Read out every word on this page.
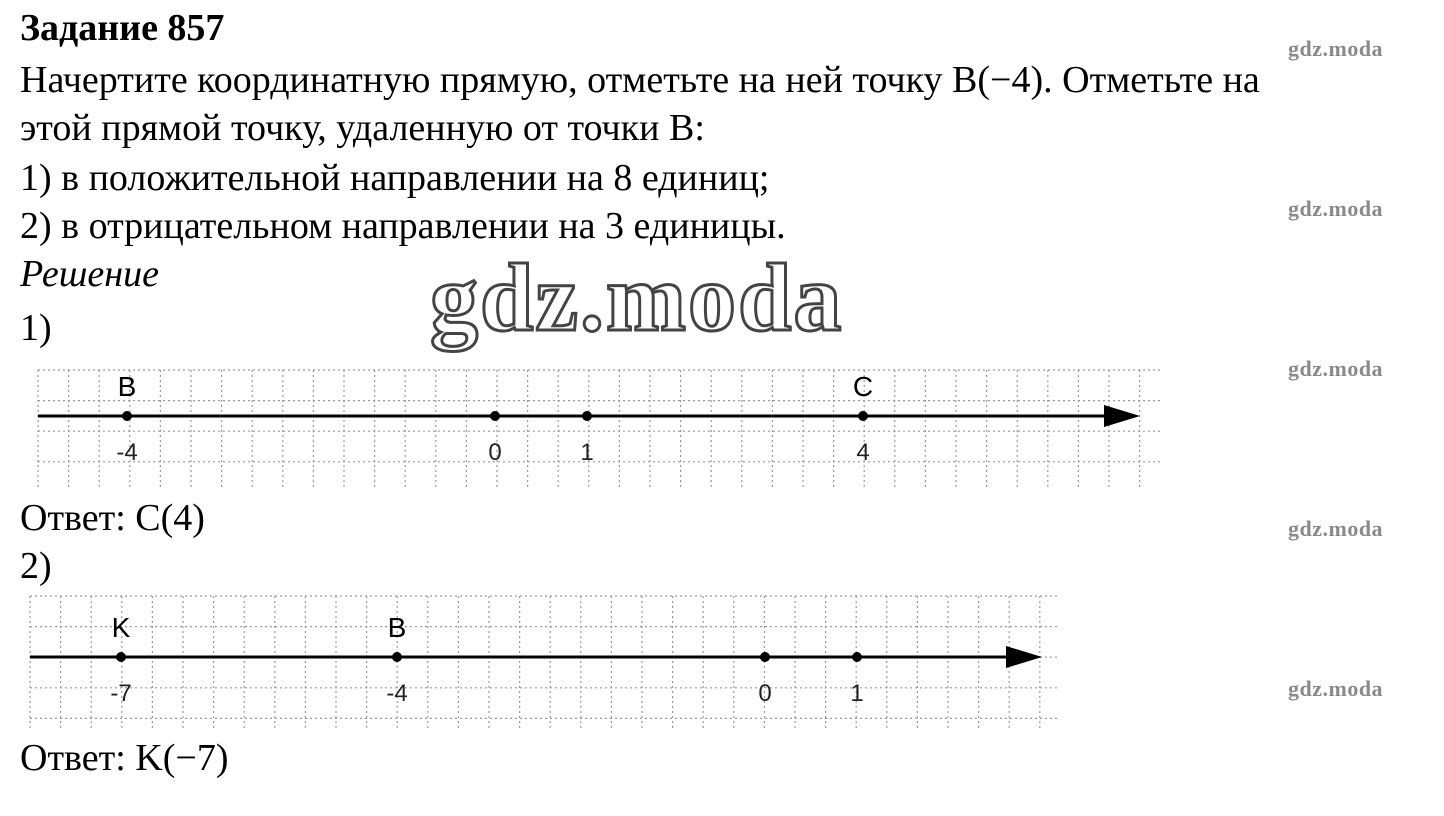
Задание 857
Начертите координатную прямую, отметьте на ней точку B(−4). Отметьте на
этой прямой точку, удаленную от точки B:
1) в положительной направлении на 8 единиц;
2) в отрицательном направлении на 3 единицы.
Решение
1)	gdz.moda
B
-4	0	1
C
4
Ответ: C(4)
2)
K
-7
B
-4	0	1
Ответ: K(−7)
gdz.moda
gdz.moda
gdz.moda
gdz.moda
gdz.moda
